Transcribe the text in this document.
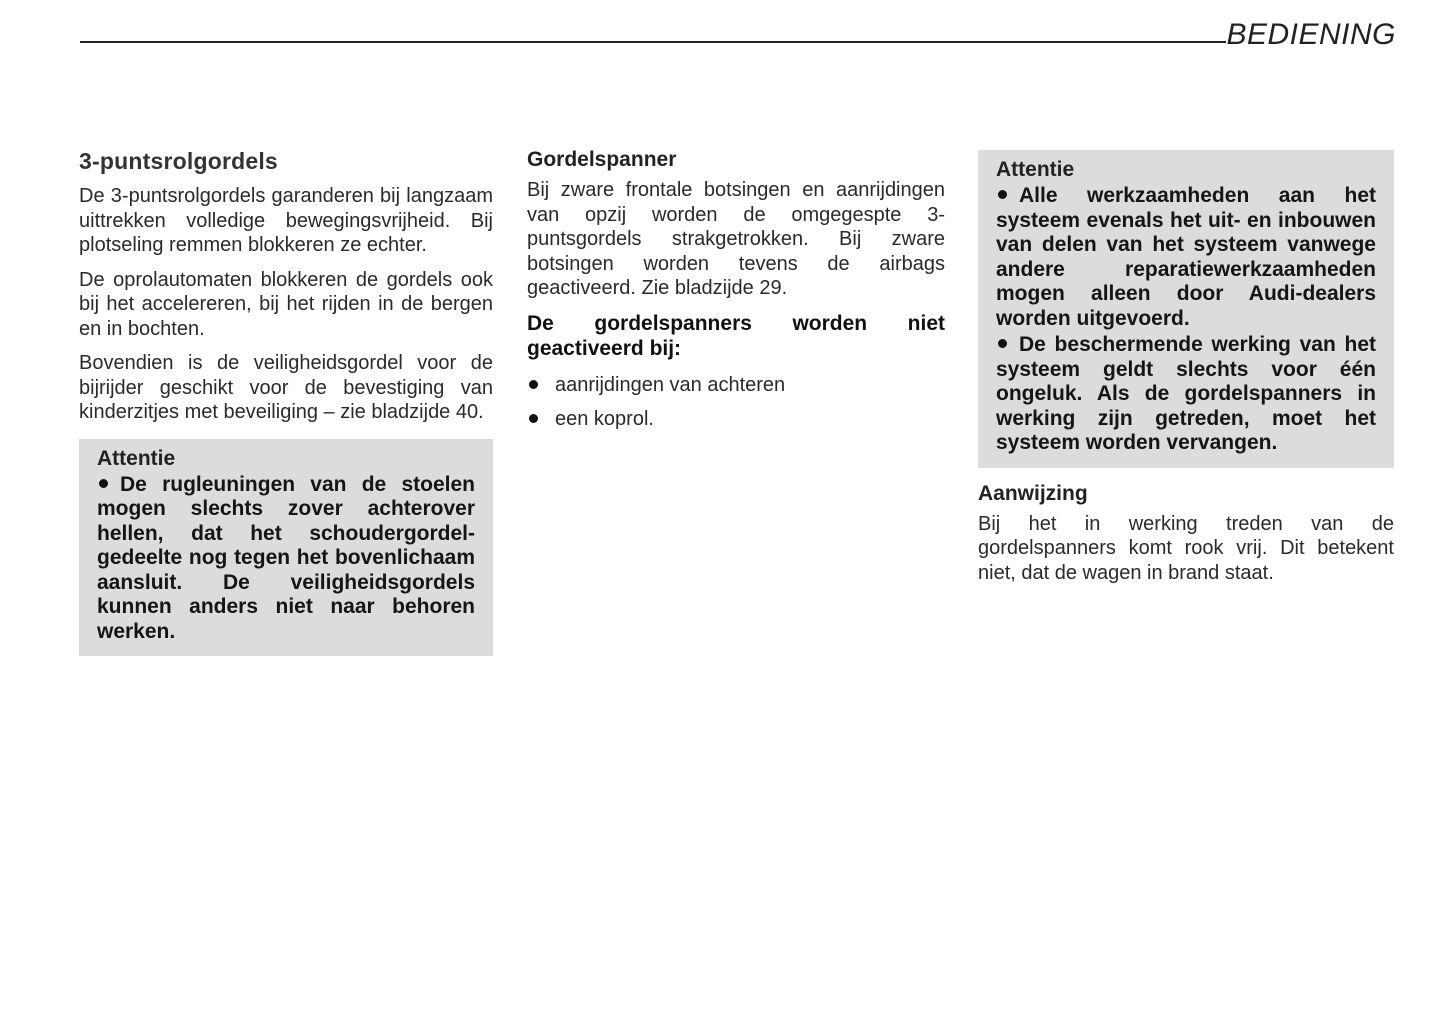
BEDIENING
3-puntsrolgordels

De 3-puntsrolgordels garanderen bij langzaam uittrekken volledige bewegingsvrijheid. Bij plotseling remmen blokkeren ze echter.

De oprolautomaten blokkeren de gordels ook bij het accelereren, bij het rijden in de bergen en in bochten.

Bovendien is de veiligheidsgordel voor de bijrijder geschikt voor de bevestiging van kinderzitjes met beveiliging – zie bladzijde 40.

Attentie

De rugleuningen van de stoelen mogen slechts zover achterover hellen, dat het schoudergordel-gedeelte nog tegen het bovenlichaam aansluit. De veiligheidsgordels kunnen anders niet naar behoren werken.

Gordelspanner

Bij zware frontale botsingen en aanrijdingen van opzij worden de omgegespte 3-puntsgordels strakgetrokken. Bij zware botsingen worden tevens de airbags geactiveerd. Zie bladzijde 29.

De gordelspanners worden niet geactiveerd bij:

aanrijdingen van achteren
een koprol.
Attentie

Alle werkzaamheden aan het systeem evenals het uit- en inbouwen van delen van het systeem vanwege andere reparatiewerkzaamheden mogen alleen door Audi-dealers worden uitgevoerd.

De beschermende werking van het systeem geldt slechts voor één ongeluk. Als de gordelspanners in werking zijn getreden, moet het systeem worden vervangen.

Aanwijzing

Bij het in werking treden van de gordelspanners komt rook vrij. Dit betekent niet, dat de wagen in brand staat.
